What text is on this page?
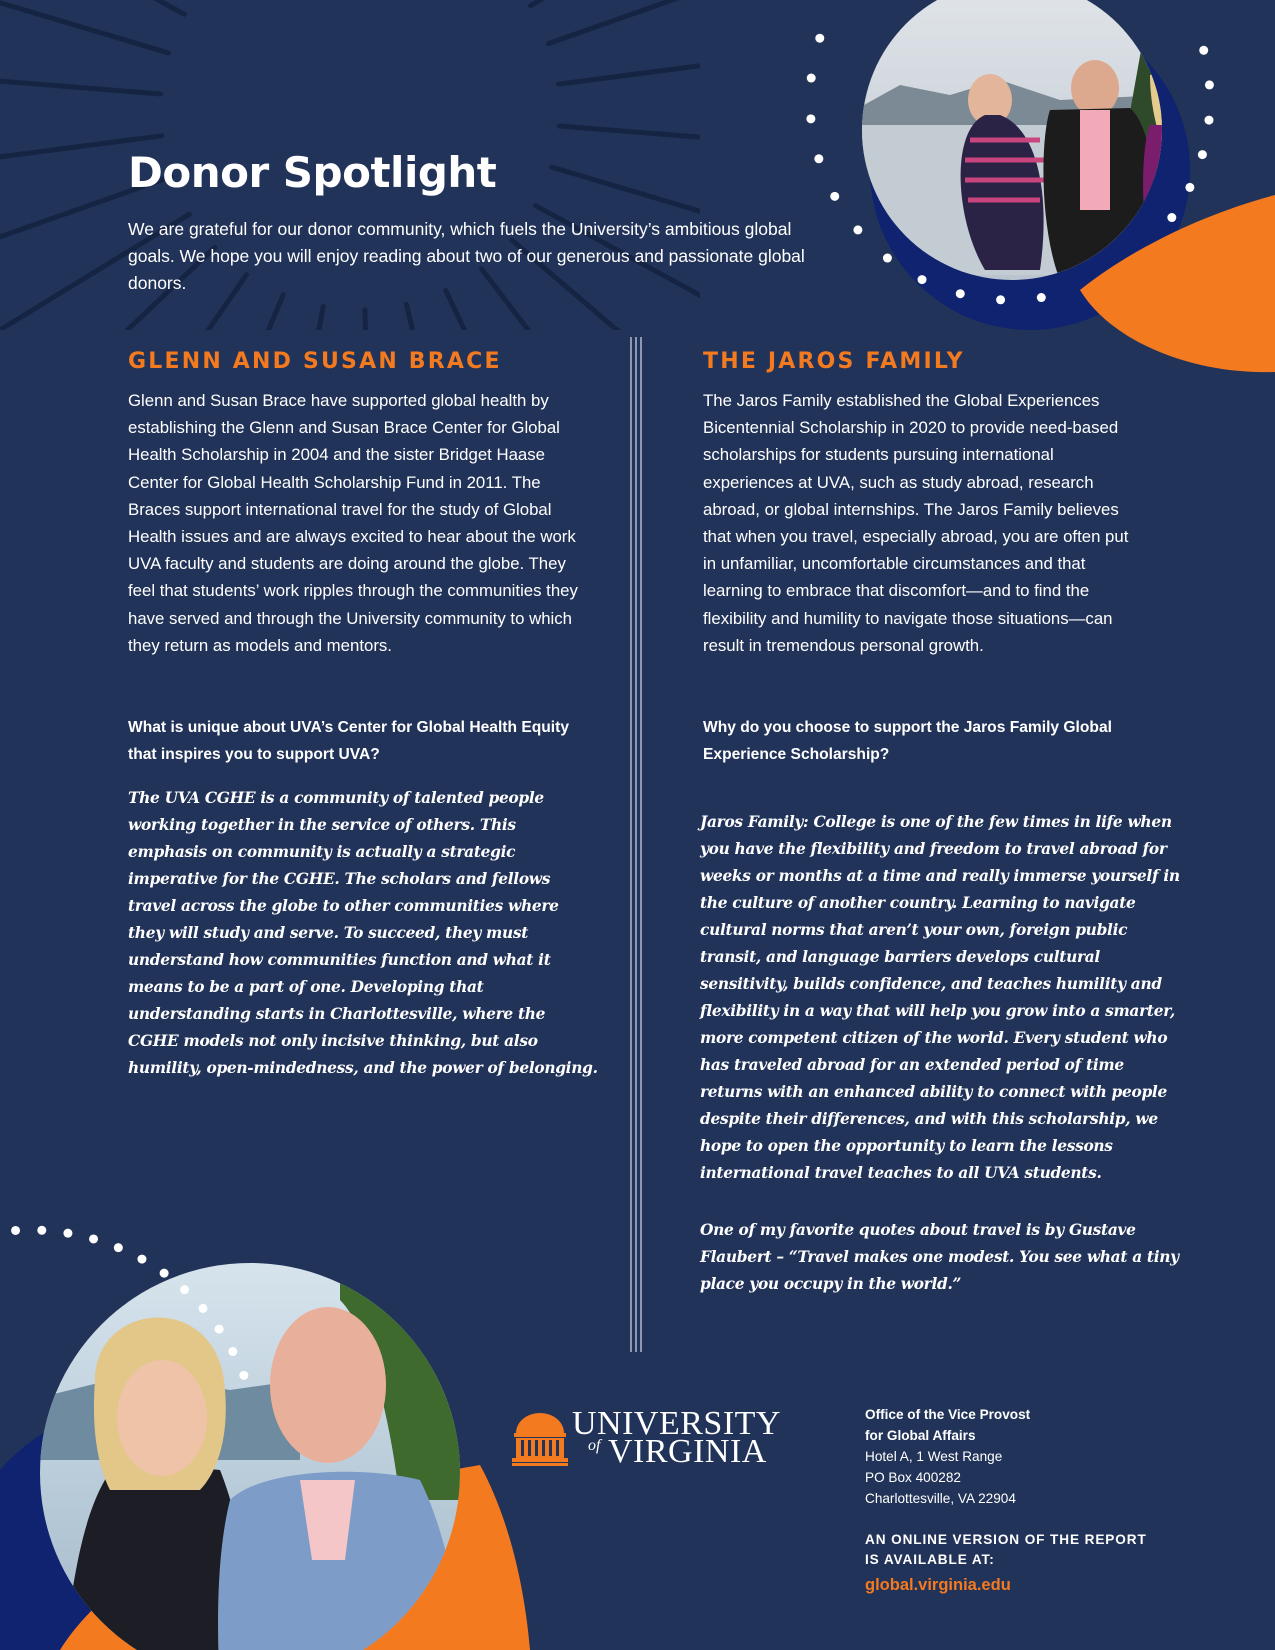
Donor Spotlight

We are grateful for our donor community, which fuels the University’s ambitious global goals. We hope you will enjoy reading about two of our generous and passionate global donors.

GLENN AND SUSAN BRACE

Glenn and Susan Brace have supported global health by establishing the Glenn and Susan Brace Center for Global Health Scholarship in 2004 and the sister Bridget Haase Center for Global Health Scholarship Fund in 2011. The Braces support international travel for the study of Global Health issues and are always excited to hear about the work UVA faculty and students are doing around the globe. They feel that students’ work ripples through the communities they have served and through the University community to which they return as models and mentors.

What is unique about UVA’s Center for Global Health Equity that inspires you to support UVA?

The UVA CGHE is a community of talented people working together in the service of others. This emphasis on community is actually a strategic imperative for the CGHE. The scholars and fellows travel across the globe to other communities where they will study and serve. To succeed, they must understand how communities function and what it means to be a part of one. Developing that understanding starts in Charlottesville, where the CGHE models not only incisive thinking, but also humility, open-mindedness, and the power of belonging.

THE JAROS FAMILY

The Jaros Family established the Global Experiences Bicentennial Scholarship in 2020 to provide need-based scholarships for students pursuing international experiences at UVA, such as study abroad, research abroad, or global internships. The Jaros Family believes that when you travel, especially abroad, you are often put in unfamiliar, uncomfortable circumstances and that learning to embrace that discomfort—and to find the flexibility and humility to navigate those situations—can result in tremendous personal growth.

Why do you choose to support the Jaros Family Global Experience Scholarship?

Jaros Family: College is one of the few times in life when you have the flexibility and freedom to travel abroad for weeks or months at a time and really immerse yourself in the culture of another country. Learning to navigate cultural norms that aren’t your own, foreign public transit, and language barriers develops cultural sensitivity, builds confidence, and teaches humility and flexibility in a way that will help you grow into a smarter, more competent citizen of the world. Every student who has traveled abroad for an extended period of time returns with an enhanced ability to connect with people despite their differences, and with this scholarship, we hope to open the opportunity to learn the lessons international travel teaches to all UVA students.

One of my favorite quotes about travel is by Gustave Flaubert – “Travel makes one modest. You see what a tiny place you occupy in the world.”

UNIVERSITY
of VIRGINIA
Office of the Vice Provost
for Global Affairs
Hotel A, 1 West Range
PO Box 400282
Charlottesville, VA 22904
AN ONLINE VERSION OF THE REPORT
IS AVAILABLE AT:
global.virginia.edu
